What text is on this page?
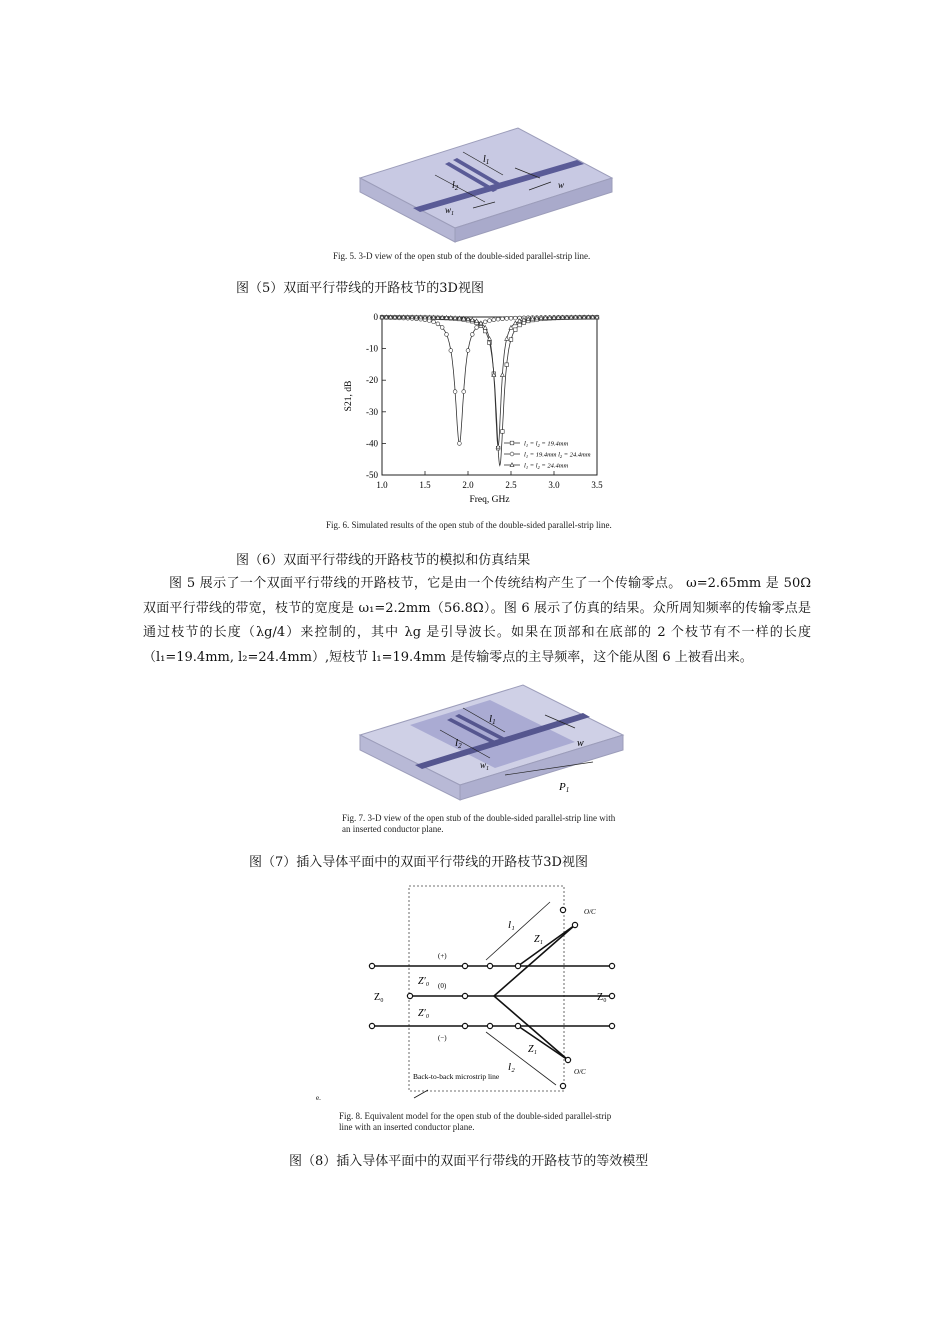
$l_1$
$l_2$	w
$w_1$
Fig. 5. 3-D view of the open stub of the double-sided parallel-strip line.
图（5）双面平行带线的开路枝节的3D视图
1.0	1.5	2.0	2.5	3.0	3.5
0
-10
-20
-30
-40
-50
Freq, GHz
S21, dB
$l_1 = l_2 = 19.4mm$
$l_1 = 19.4mm$ $l_2 = 24.4mm$
$l_1 = l_2 = 24.4mm$
Fig. 6. Simulated results of the open stub of the double-sided parallel-strip line.
图（6）双面平行带线的开路枝节的模拟和仿真结果

图 5 展示了一个双面平行带线的开路枝节，它是由一个传统结构产生了一个传输零点。 ω=2.65mm 是 50Ω 双面平行带线的带宽，枝节的宽度是 ω₁=2.2mm（56.8Ω）。图 6 展示了仿真的结果。众所周知频率的传输零点是通过枝节的长度（λg/4）来控制的，其中 λg 是引导波长。如果在顶部和在底部的 2 个枝节有不一样的长度（l₁=19.4mm, l₂=24.4mm）,短枝节 l₁=19.4mm 是传输零点的主导频率，这个能从图 6 上被看出来。

l1
l2	w
$w_1$
P1
Fig. 7. 3-D view of the open stub of the double-sided parallel-strip line with
an inserted conductor plane.
图（7）插入导体平面中的双面平行带线的开路枝节3D视图
Z₀	Z₀
Z′₀
Z′₀
(+)
(0)
(−)
Z₁
Z₁
l₁
l₂
O/C
O/C
Back-to-back microstrip line
e.
Fig. 8. Equivalent model for the open stub of the double-sided parallel-strip
line with an inserted conductor plane.
图（8）插入导体平面中的双面平行带线的开路枝节的等效模型
